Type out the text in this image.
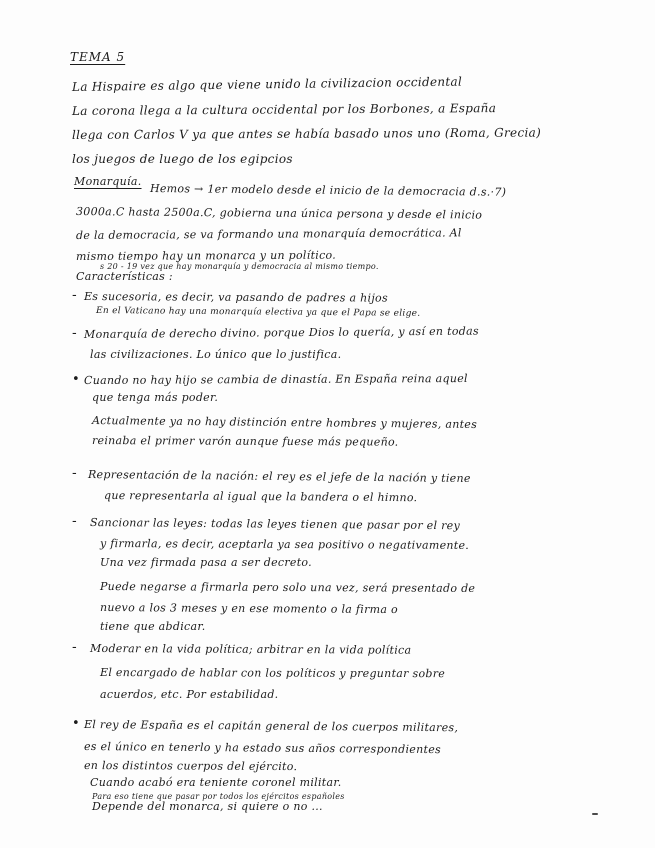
TEMA 5
La Hispaire es algo que viene unido la civilizacion occidental
La corona llega a la cultura occidental por los Borbones, a España
llega con Carlos V ya que antes se había basado unos uno (Roma, Grecia)
los juegos de luego de los egipcios
Monarquía.
Hemos → 1er modelo desde el inicio de la democracia d.s.·7)
3000a.C hasta 2500a.C, gobierna una única persona y desde el inicio
de la democracia, se va formando una monarquía democrática. Al
mismo tiempo hay un monarca y un político.
s 20 - 19 vez que hay monarquía y democracia al mismo tiempo.
Características :
- Es sucesoria, es decir, va pasando de padres a hijos
En el Vaticano hay una monarquía electiva ya que el Papa se elige.
- Monarquía de derecho divino. porque Dios lo quería, y así en todas
las civilizaciones. Lo único que lo justifica.
• Cuando no hay hijo se cambia de dinastía. En España reina aquel
que tenga más poder.
Actualmente ya no hay distinción entre hombres y mujeres, antes
reinaba el primer varón aunque fuese más pequeño.
- Representación de la nación: el rey es el jefe de la nación y tiene
que representarla al igual que la bandera o el himno.
- Sancionar las leyes: todas las leyes tienen que pasar por el rey
y firmarla, es decir, aceptarla ya sea positivo o negativamente.
Una vez firmada pasa a ser decreto.
Puede negarse a firmarla pero solo una vez, será presentado de
nuevo a los 3 meses y en ese momento o la firma o
tiene que abdicar.
- Moderar en la vida política; arbitrar en la vida política
El encargado de hablar con los políticos y preguntar sobre
acuerdos, etc. Por estabilidad.
• El rey de España es el capitán general de los cuerpos militares,
es el único en tenerlo y ha estado sus años correspondientes
en los distintos cuerpos del ejército.
Cuando acabó era teniente coronel militar.
Para eso tiene que pasar por todos los ejércitos españoles
Depende del monarca, si quiere o no ...
